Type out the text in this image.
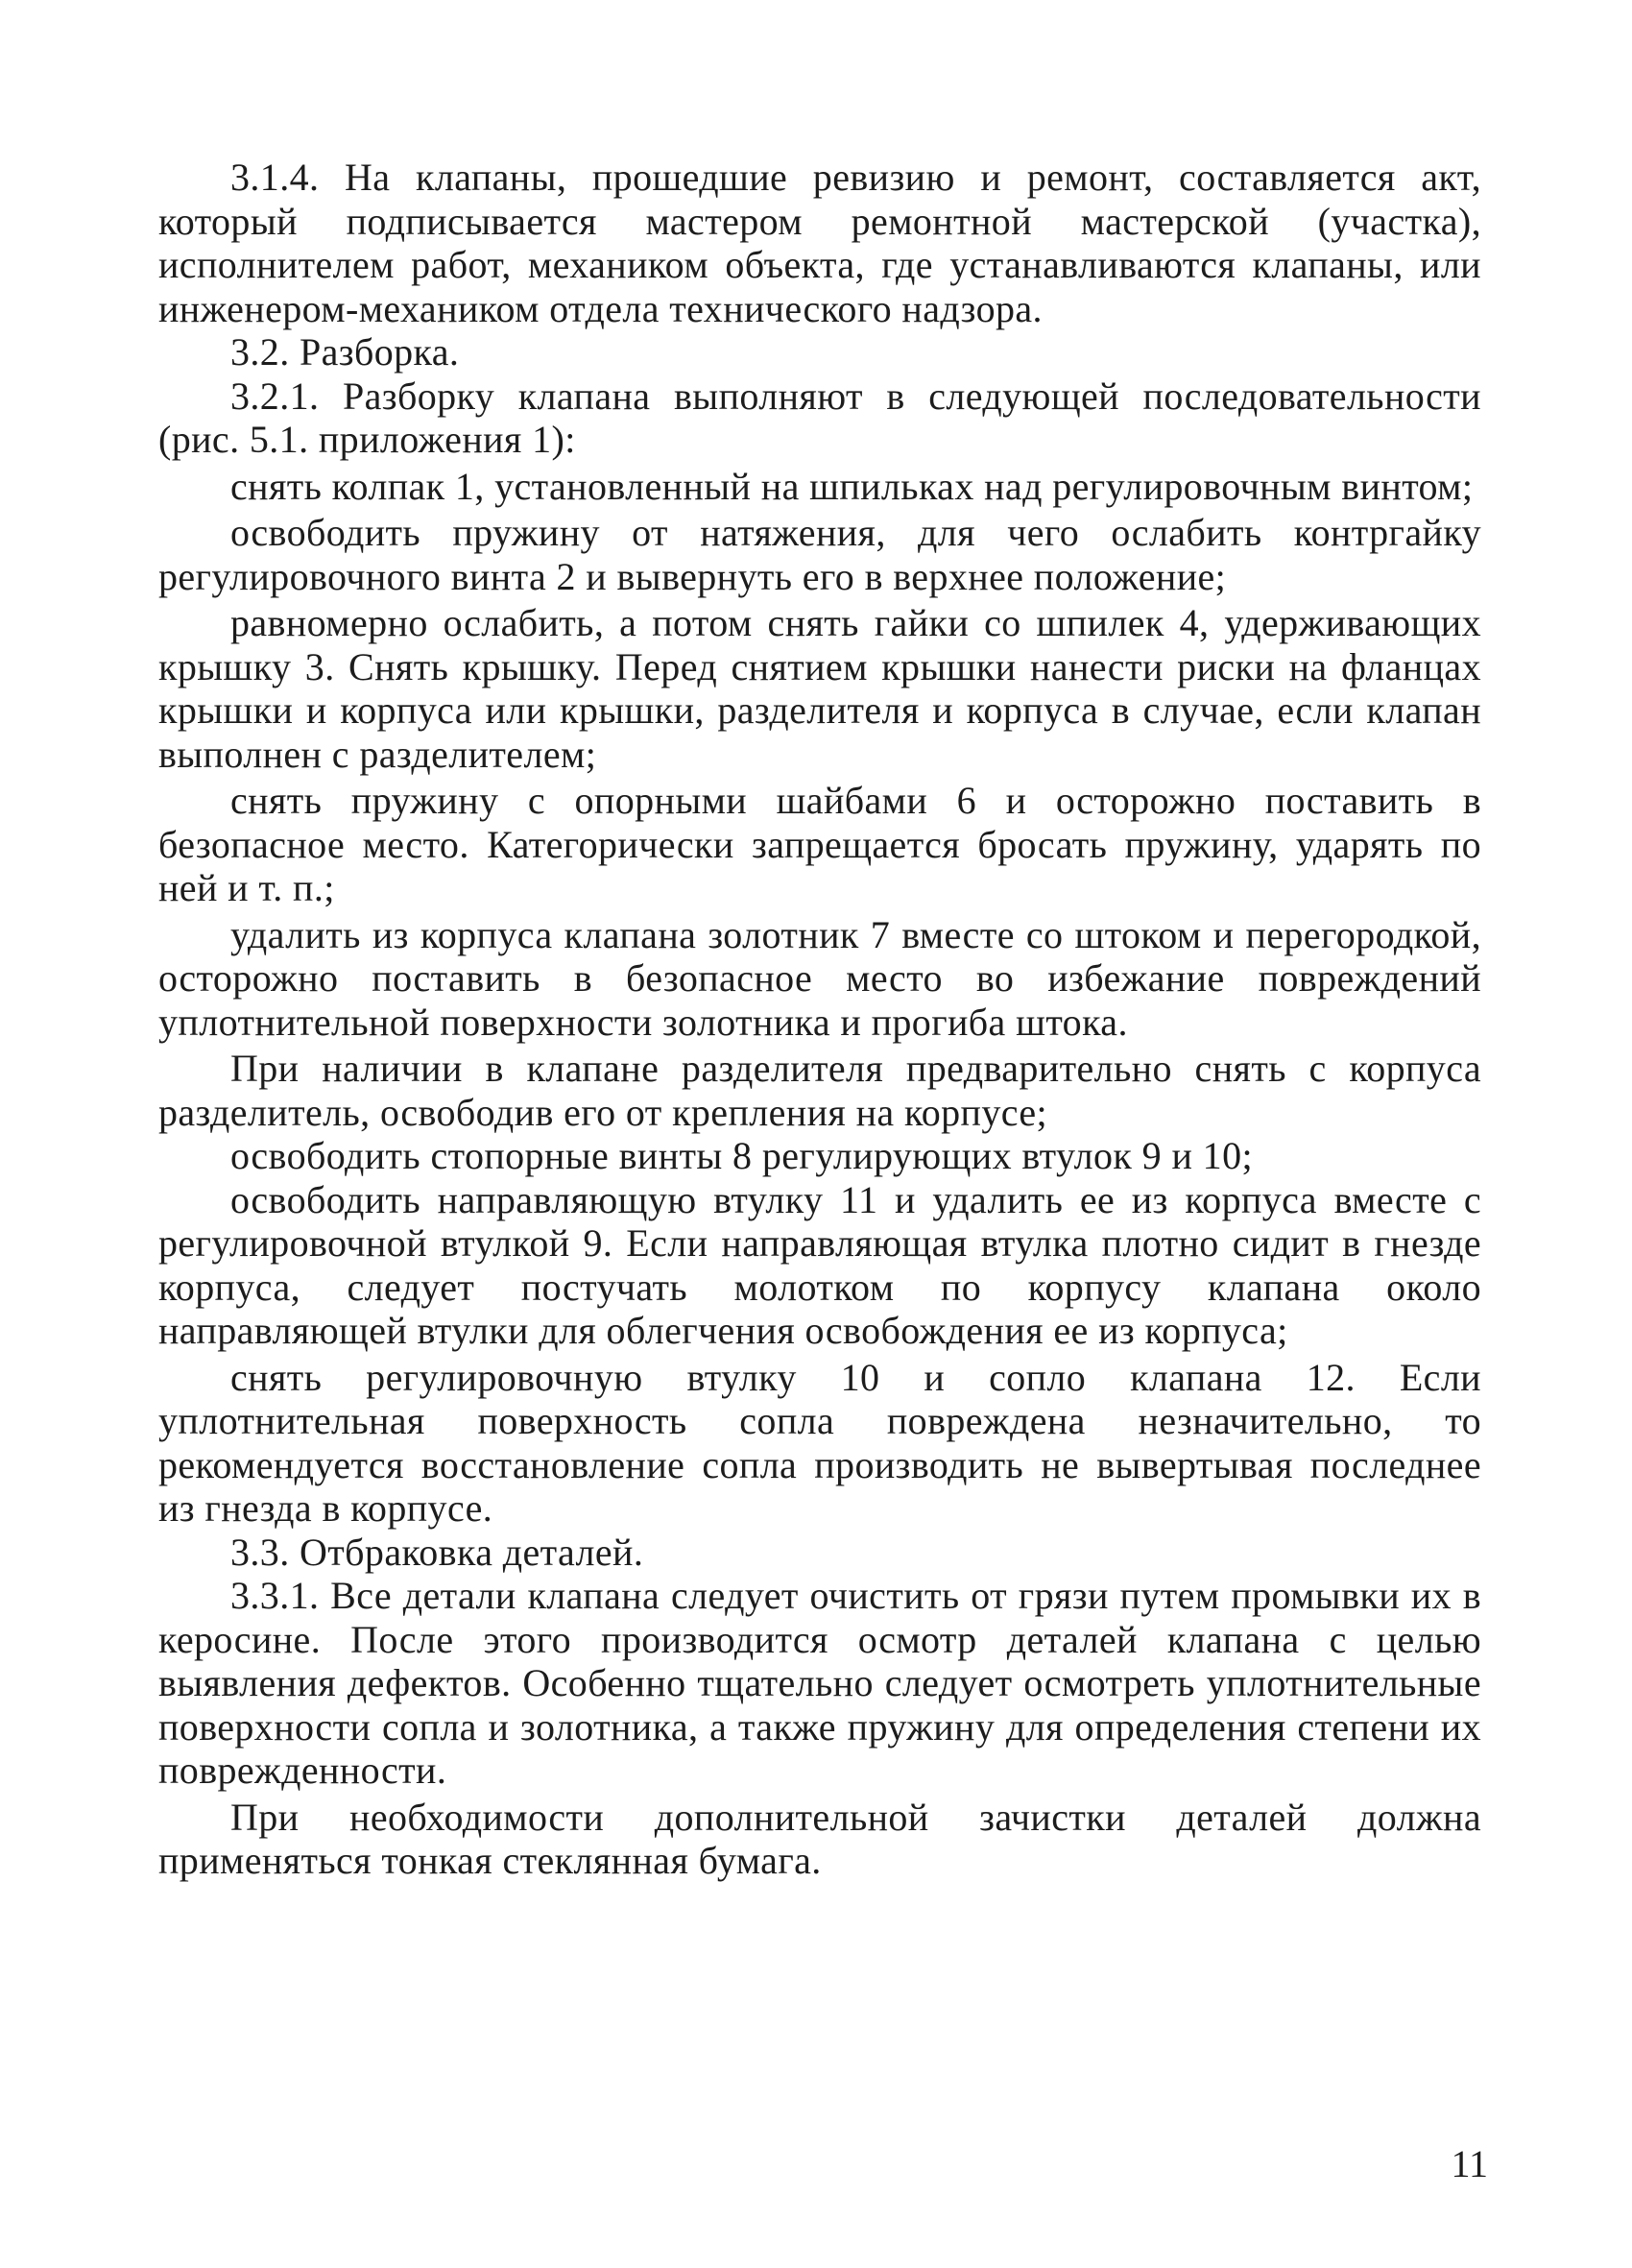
3.1.4. На клапаны, прошедшие ревизию и ремонт, составляется акт, который подписывается мастером ремонтной мастерской (участка), исполнителем работ, механиком объекта, где устанавливаются клапаны, или инженером-механиком отдела технического надзора.

3.2. Разборка.

3.2.1. Разборку клапана выполняют в следующей последовательности (рис. 5.1. приложения 1):

снять колпак 1, установленный на шпильках над регулировочным винтом;

освободить пружину от натяжения, для чего ослабить контргайку регулировочного винта 2 и вывернуть его в верхнее положение;

равномерно ослабить, а потом снять гайки со шпилек 4, удерживающих крышку 3. Снять крышку. Перед снятием крышки нанести риски на фланцах крышки и корпуса или крышки, разделителя и корпуса в случае, если клапан выполнен с разделителем;

снять пружину с опорными шайбами 6 и осторожно поставить в безопасное место. Категорически запрещается бросать пружину, ударять по ней и т. п.;

удалить из корпуса клапана золотник 7 вместе со штоком и перегородкой, осторожно поставить в безопасное место во избежание повреждений уплотнительной поверхности золотника и прогиба штока.

При наличии в клапане разделителя предварительно снять с корпуса разделитель, освободив его от крепления на корпусе;

освободить стопорные винты 8 регулирующих втулок 9 и 10;

освободить направляющую втулку 11 и удалить ее из корпуса вместе с регулировочной втулкой 9. Если направляющая втулка плотно сидит в гнезде корпуса, следует постучать молотком по корпусу клапана около направляющей втулки для облегчения освобождения ее из корпуса;

снять регулировочную втулку 10 и сопло клапана 12. Если уплотнительная поверхность сопла повреждена незначительно, то рекомендуется восстановление сопла производить не вывертывая последнее из гнезда в корпусе.

3.3. Отбраковка деталей.

3.3.1. Все детали клапана следует очистить от грязи путем промывки их в керосине. После этого производится осмотр деталей клапана с целью выявления дефектов. Особенно тщательно следует осмотреть уплотнительные поверхности сопла и золотника, а также пружину для определения степени их поврежденности.

При необходимости дополнительной зачистки деталей должна применяться тонкая стеклянная бумага.

11
